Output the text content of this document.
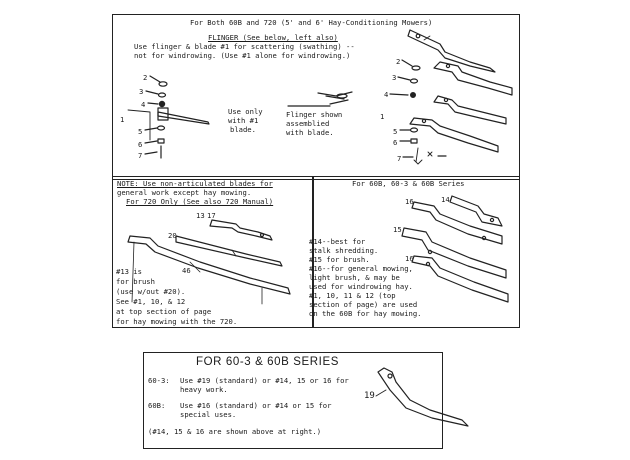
For Both 60B and 720 (5' and 6' Hay-Conditioning Mowers)
FLINGER (See below, left also)
Use flinger & blade #1 for scattering (swathing) --
not for windrowing. (Use #1 alone for windrowing.)
Use only
with #1
blade.
Flinger shown
assemblied
with blade.
2
3
4
1
5
6
7
2
3
4
1
5
6
7
NOTE: Use non-articulated blades for
general work except hay mowing.
For 720 Only (See also 720 Manual)
13 17
20
46
#13 is
for brush
(use w/out #20).
See #1, 10, & 12
at top section of page
for hay mowing with the 720.
For 60B, 60-3 & 60B Series
14
16
15
16
#14--best for
stalk shredding.
#15 for brush.
#16--for general mowing,
light brush, & may be
used for windrowing hay.
#1, 10, 11 & 12 (top
section of page) are used
on the 60B for hay mowing.
FOR 60-3 & 60B SERIES
60-3: Use #19 (standard) or #14, 15 or 16 for
heavy work.
60B: Use #16 (standard) or #14 or 15 for
special uses.
(#14, 15 & 16 are shown above at right.)
19
